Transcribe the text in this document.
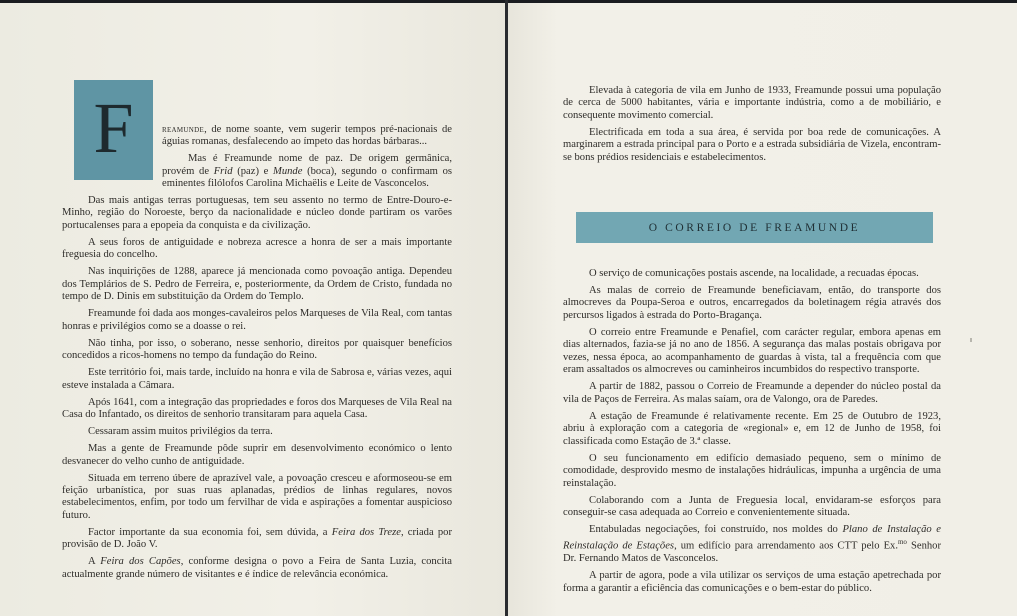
F	reamunde, de nome soante, vem sugerir tempos pré-nacionais de águias romanas, desfalecendo ao ímpeto das hordas bárbaras...

Mas é Freamunde nome de paz. De origem germânica, provém de Frid (paz) e Munde (boca), segundo o confirmam os eminentes filólofos Carolina Michaëlis e Leite de Vasconcelos.

Das mais antigas terras portuguesas, tem seu assento no termo de Entre-Douro-e-Minho, região do Noroeste, berço da nacionalidade e núcleo donde partiram os varões portucalenses para a epopeia da conquista e da civilização.

A seus foros de antiguidade e nobreza acresce a honra de ser a mais importante freguesia do concelho.

Nas inquirições de 1288, aparece já mencionada como povoação antiga. Dependeu dos Templários de S. Pedro de Ferreira, e, posteriormente, da Ordem de Cristo, fundada no tempo de D. Dinis em substituição da Ordem do Templo.

Freamunde foi dada aos monges-cavaleiros pelos Marqueses de Vila Real, com tantas honras e privilégios como se a doasse o rei.

Não tinha, por isso, o soberano, nesse senhorio, direitos por quaisquer benefícios concedidos a ricos-homens no tempo da fundação do Reino.

Este território foi, mais tarde, incluído na honra e vila de Sabrosa e, várias vezes, aqui esteve instalada a Câmara.

Após 1641, com a integração das propriedades e foros dos Marqueses de Vila Real na Casa do Infantado, os direitos de senhorio transitaram para aquela Casa.

Cessaram assim muitos privilégios da terra.

Mas a gente de Freamunde pôde suprir em desenvolvimento económico o lento desvanecer do velho cunho de antiguidade.

Situada em terreno úbere de aprazível vale, a povoação cresceu e aformoseou-se em feição urbanística, por suas ruas aplanadas, prédios de linhas regulares, novos estabelecimentos, enfim, por todo um fervilhar de vida e aspirações a fomentar auspicioso futuro.

Factor importante da sua economia foi, sem dúvida, a Feira dos Treze, criada por provisão de D. João V.

A Feira dos Capões, conforme designa o povo a Feira de Santa Luzia, concita actualmente grande número de visitantes e é índice de relevância económica.

Elevada à categoria de vila em Junho de 1933, Freamunde possui uma população de cerca de 5000 habitantes, vária e importante indústria, como a de mobiliário, e consequente movimento comercial.

Electrificada em toda a sua área, é servida por boa rede de comunicações. A marginarem a estrada principal para o Porto e a estrada subsidiária de Vizela, encontram-se bons prédios residenciais e estabelecimentos.

O CORREIO DE FREAMUNDE

O serviço de comunicações postais ascende, na localidade, a recuadas épocas.

As malas de correio de Freamunde beneficiavam, então, do transporte dos almocreves da Poupa-Seroa e outros, encarregados da boletinagem régia através dos percursos ligados à estrada do Porto-Bragança.

O correio entre Freamunde e Penafiel, com carácter regular, embora apenas em dias alternados, fazia-se já no ano de 1856. A segurança das malas postais obrigava por vezes, nessa época, ao acompanhamento de guardas à vista, tal a frequência com que eram assaltados os almocreves ou caminheiros incumbidos do respectivo transporte.

A partir de 1882, passou o Correio de Freamunde a depender do núcleo postal da vila de Paços de Ferreira. As malas saíam, ora de Valongo, ora de Paredes.

A estação de Freamunde é relativamente recente. Em 25 de Outubro de 1923, abriu à exploração com a categoria de «regional» e, em 12 de Junho de 1958, foi classificada como Estação de 3.ª classe.

O seu funcionamento em edifício demasiado pequeno, sem o mínimo de comodidade, desprovido mesmo de instalações hidráulicas, impunha a urgência de uma reinstalação.

Colaborando com a Junta de Freguesia local, envidaram-se esforços para conseguir-se casa adequada ao Correio e convenientemente situada.

Entabuladas negociações, foi construído, nos moldes do Plano de Instalação e Reinstalação de Estações, um edifício para arrendamento aos CTT pelo Ex.$^{mo}$ Senhor Dr. Fernando Matos de Vasconcelos.

A partir de agora, pode a vila utilizar os serviços de uma estação apetrechada por forma a garantir a eficiência das comunicações e o bem-estar do público.
